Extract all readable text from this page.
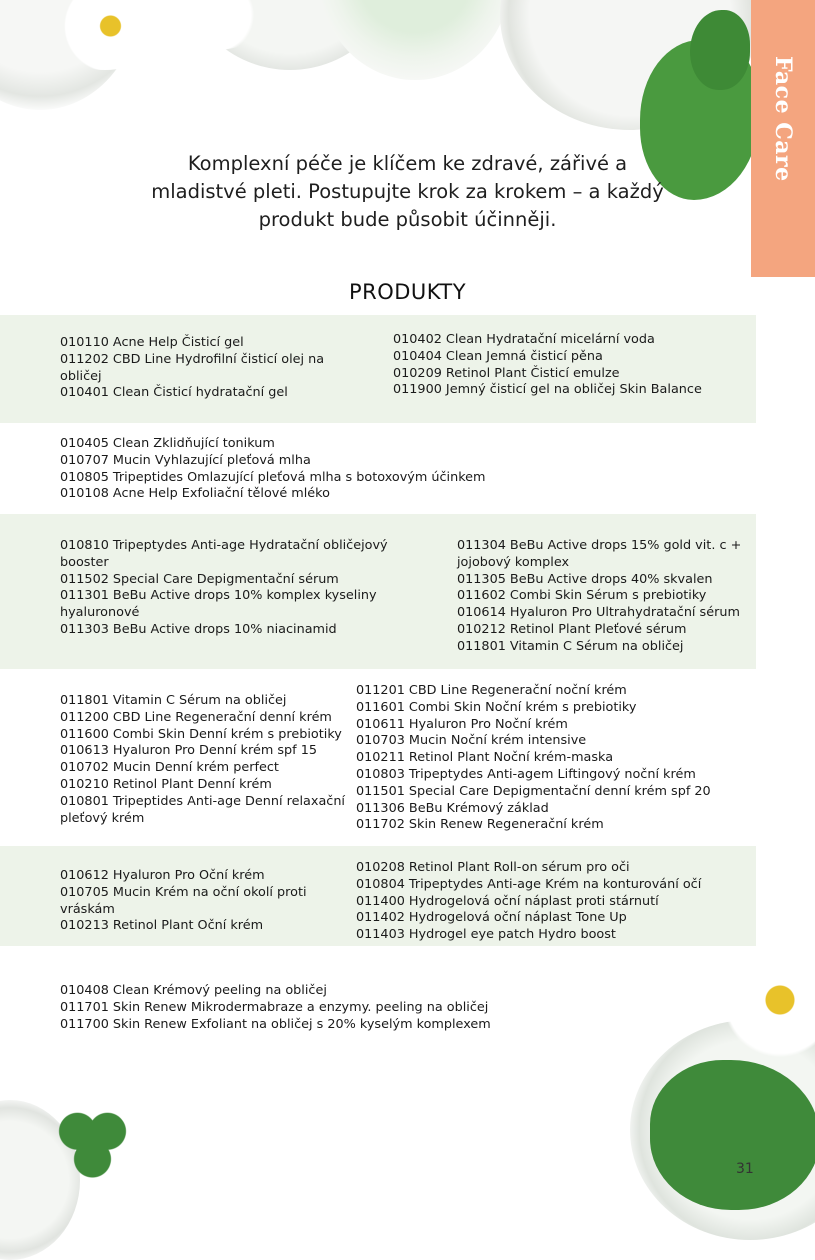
Face Care
Komplexní péče je klíčem ke zdravé, zářivé a mladistvé pleti. Postupujte krok za krokem – a každý produkt bude působit účinněji.
PRODUKTY
010110 Acne Help Čisticí gel
011202 CBD Line Hydrofilní čisticí olej na obličej
010401 Clean Čisticí hydratační gel
010402 Clean Hydratační micelární voda
010404 Clean Jemná čisticí pěna
010209 Retinol Plant Čisticí emulze
011900 Jemný čisticí gel na obličej Skin Balance
010405 Clean Zklidňující tonikum
010707 Mucin Vyhlazující pleťová mlha
010805 Tripeptides Omlazující pleťová mlha s botoxovým účinkem
010108 Acne Help Exfoliační tělové mléko
010810 Tripeptydes Anti-age Hydratační obličejový booster
011502 Special Care Depigmentační sérum
011301 BeBu Active drops 10% komplex kyseliny hyaluronové
011303 BeBu Active drops 10% niacinamid
011304 BeBu Active drops 15% gold vit. c + jojobový komplex
011305 BeBu Active drops 40% skvalen
011602 Combi Skin Sérum s prebiotiky
010614 Hyaluron Pro Ultrahydratační sérum
010212 Retinol Plant Pleťové sérum
011801 Vitamin C Sérum na obličej
011801 Vitamin C Sérum na obličej
011200 CBD Line Regenerační denní krém
011600 Combi Skin Denní krém s prebiotiky
010613 Hyaluron Pro Denní krém spf 15
010702 Mucin Denní krém perfect
010210 Retinol Plant Denní krém
010801 Tripeptides Anti-age Denní relaxační pleťový krém
011201 CBD Line Regenerační noční krém
011601 Combi Skin Noční krém s prebiotiky
010611 Hyaluron Pro Noční krém
010703 Mucin Noční krém intensive
010211 Retinol Plant Noční krém-maska
010803 Tripeptydes Anti-agem Liftingový noční krém
011501 Special Care Depigmentační denní krém spf 20
011306 BeBu Krémový základ
011702 Skin Renew Regenerační krém
010612 Hyaluron Pro Oční krém
010705 Mucin Krém na oční okolí proti vráskám
010213 Retinol Plant Oční krém
010208 Retinol Plant Roll-on sérum pro oči
010804 Tripeptydes Anti-age Krém na konturování očí
011400 Hydrogelová oční náplast proti stárnutí
011402 Hydrogelová oční náplast Tone Up
011403 Hydrogel eye patch Hydro boost
010408 Clean Krémový peeling na obličej
011701 Skin Renew Mikrodermabraze a enzymy. peeling na obličej
011700 Skin Renew Exfoliant na obličej s 20% kyselým komplexem
31
